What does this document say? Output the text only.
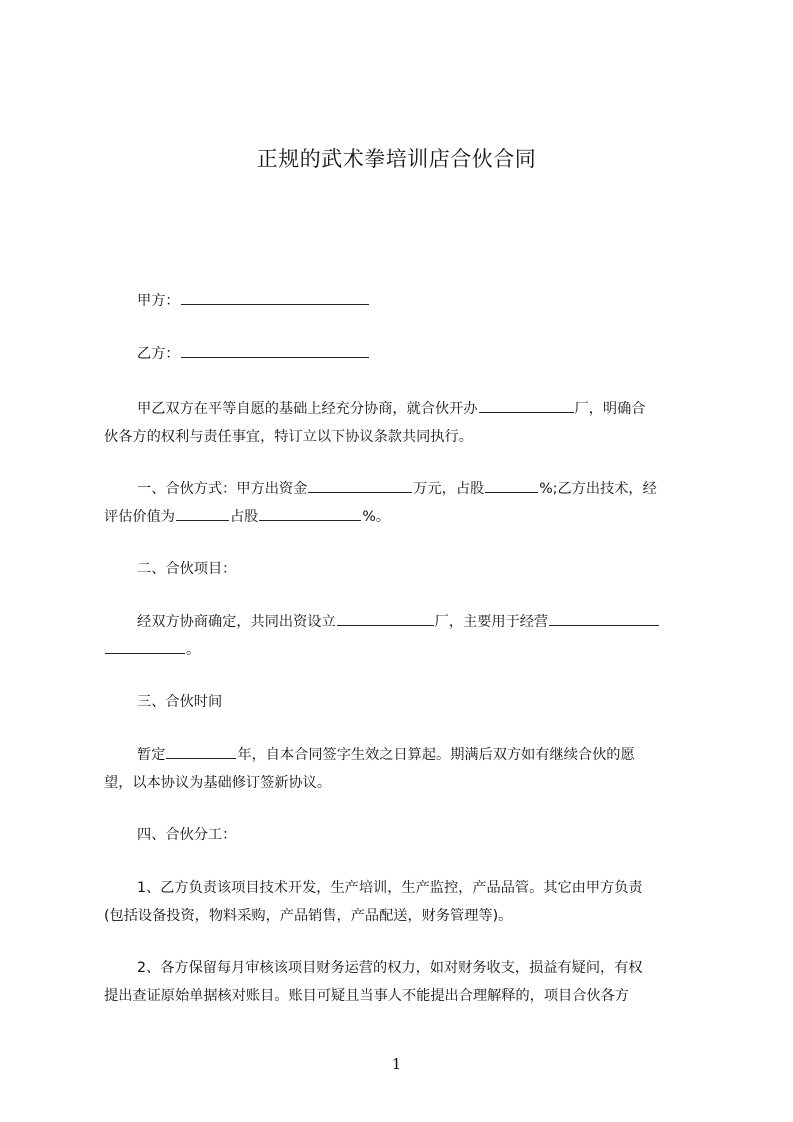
正规的武术拳培训店合伙合同
甲方：
乙方：
甲乙双方在平等自愿的基础上经充分协商，就合伙开办	厂，明确合
伙各方的权利与责任事宜，特订立以下协议条款共同执行。
一、合伙方式：甲方出资金	万元，占股	%;乙方出技术，经
评估价值为	占股	%。
二、合伙项目：
经双方协商确定，共同出资设立	厂，主要用于经营
。
三、合伙时间
暂定	年，自本合同签字生效之日算起。期满后双方如有继续合伙的愿
望，以本协议为基础修订签新协议。
四、合伙分工：
1、乙方负责该项目技术开发，生产培训，生产监控，产品品管。其它由甲方负责
(包括设备投资，物料采购，产品销售，产品配送，财务管理等)。
2、各方保留每月审核该项目财务运营的权力，如对财务收支，损益有疑问，有权
提出查证原始单据核对账目。账目可疑且当事人不能提出合理解释的，项目合伙各方
1
